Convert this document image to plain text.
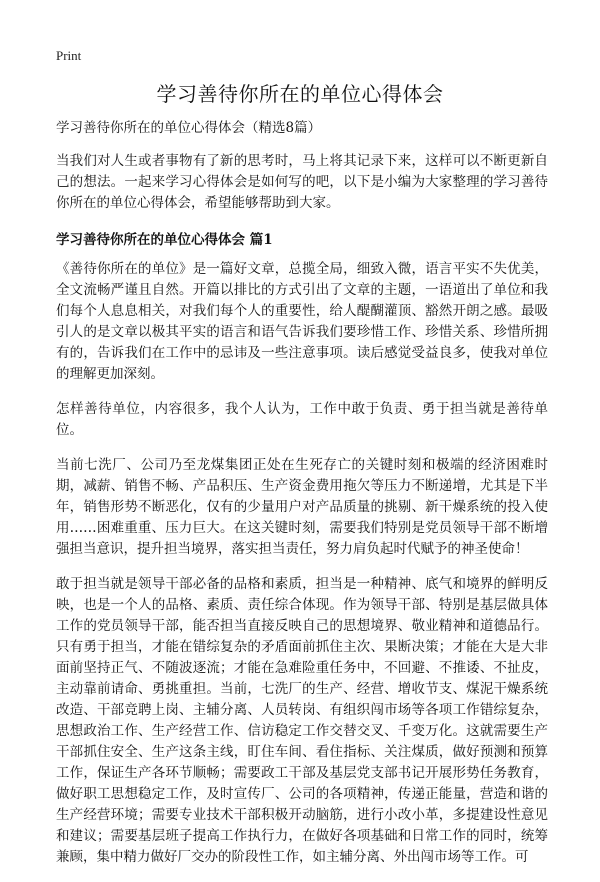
Print
学习善待你所在的单位心得体会

学习善待你所在的单位心得体会（精选8篇）

当我们对人生或者事物有了新的思考时，马上将其记录下来，这样可以不断更新自己的想法。一起来学习心得体会是如何写的吧，以下是小编为大家整理的学习善待你所在的单位心得体会，希望能够帮助到大家。

学习善待你所在的单位心得体会 篇1

《善待你所在的单位》是一篇好文章，总揽全局，细致入微，语言平实不失优美，全文流畅严谨且自然。开篇以排比的方式引出了文章的主题，一语道出了单位和我们每个人息息相关，对我们每个人的重要性，给人醍醐灌顶、豁然开朗之感。最吸引人的是文章以极其平实的语言和语气告诉我们要珍惜工作、珍惜关系、珍惜所拥有的，告诉我们在工作中的忌讳及一些注意事项。读后感觉受益良多，使我对单位的理解更加深刻。

怎样善待单位，内容很多，我个人认为，工作中敢于负责、勇于担当就是善待单位。

当前七洗厂、公司乃至龙煤集团正处在生死存亡的关键时刻和极端的经济困难时期，减薪、销售不畅、产品积压、生产资金费用拖欠等压力不断递增，尤其是下半年，销售形势不断恶化，仅有的少量用户对产品质量的挑剔、新干燥系统的投入使用……困难重重、压力巨大。在这关键时刻，需要我们特别是党员领导干部不断增强担当意识，提升担当境界，落实担当责任，努力肩负起时代赋予的神圣使命！

敢于担当就是领导干部必备的品格和素质，担当是一种精神、底气和境界的鲜明反映，也是一个人的品格、素质、责任综合体现。作为领导干部、特别是基层做具体工作的党员领导干部，能否担当直接反映自己的思想境界、敬业精神和道德品行。只有勇于担当，才能在错综复杂的矛盾面前抓住主次、果断决策；才能在大是大非面前坚持正气、不随波逐流；才能在急难险重任务中，不回避、不推诿、不扯皮，主动靠前请命、勇挑重担。当前，七洗厂的生产、经营、增收节支、煤泥干燥系统改造、干部竞聘上岗、主辅分离、人员转岗、有组织闯市场等各项工作错综复杂，思想政治工作、生产经营工作、信访稳定工作交替交叉、千变万化。这就需要生产干部抓住安全、生产这条主线，盯住车间、看住指标、关注煤质，做好预测和预算工作，保证生产各环节顺畅；需要政工干部及基层党支部书记开展形势任务教育，做好职工思想稳定工作，及时宣传厂、公司的各项精神，传递正能量，营造和谐的生产经营环境；需要专业技术干部积极开动脑筋，进行小改小革，多提建设性意见和建议；需要基层班子提高工作执行力，在做好各项基础和日常工作的同时，统筹兼顾，集中精力做好厂交办的阶段性工作，如主辅分离、外出闯市场等工作。可
